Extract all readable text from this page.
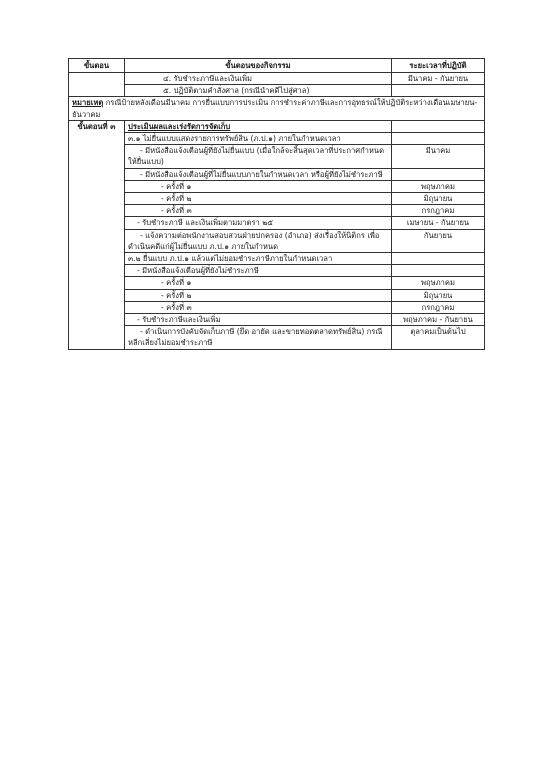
ขั้นตอน	ขั้นตอนของกิจกรรม	ระยะเวลาที่ปฏิบัติ
	๔. รับชำระภาษีและเงินเพิ่ม	มีนาคม - กันยายน
	๕. ปฏิบัติตามคำสั่งศาล (กรณีนำคดีไปสู่ศาล)	
หมายเหตุ กรณีป้ายหลังเดือนมีนาคม การยื่นแบบการประเมิน การชำระค่าภาษีและการอุทธรณ์ให้ปฏิบัติระหว่างเดือนเมษายน-ธันวาคม		
ขั้นตอนที่ ๓	ประเมินผลและเร่งรัดการจัดเก็บ	
	๓.๑ ไม่ยื่นแบบแสดงรายการทรัพย์สิน (ภ.ป.๑) ภายในกำหนดเวลา	

	- มีหนังสือแจ้งเตือนผู้ที่ยังไม่ยื่นแบบ (เมื่อใกล้จะสิ้นสุดเวลาที่ประกาศกำหนดให้ยื่นแบบ)	มีนาคม

	- มีหนังสือแจ้งเตือนผู้ที่ไม่ยื่นแบบภายในกำหนดเวลา หรือผู้ที่ยังไม่ชำระภาษี	

	- ครั้งที่ ๑	พฤษภาคม
	- ครั้งที่ ๒	มิถุนายน
	- ครั้งที่ ๓	กรกฎาคม
	- รับชำระภาษี และเงินเพิ่มตามมาตรา ๒๕	เมษายน - กันยายน

	- แจ้งความต่อพนักงานสอบสวนฝ่ายปกครอง (อำเภอ) ส่งเรื่องให้นิติกร เพื่อดำเนินคดีแก่ผู้ไม่ยื่นแบบ ภ.ป.๑ ภายในกำหนด	กันยายน
	๓.๒ ยื่นแบบ ภ.ป.๑ แล้วแต่ไม่ยอมชำระภาษีภายในกำหนดเวลา	
	- มีหนังสือแจ้งเตือนผู้ที่ยังไม่ชำระภาษี	
	- ครั้งที่ ๑	พฤษภาคม
	- ครั้งที่ ๒	มิถุนายน
	- ครั้งที่ ๓	กรกฎาคม
	- รับชำระภาษีและเงินเพิ่ม	พฤษภาคม - กันยายน

	- ดำเนินการบังคับจัดเก็บภาษี (ยึด อายัด และขายทอดตลาดทรัพย์สิน) กรณีหลีกเลี่ยงไม่ยอมชำระภาษี	ตุลาคมเป็นต้นไป
